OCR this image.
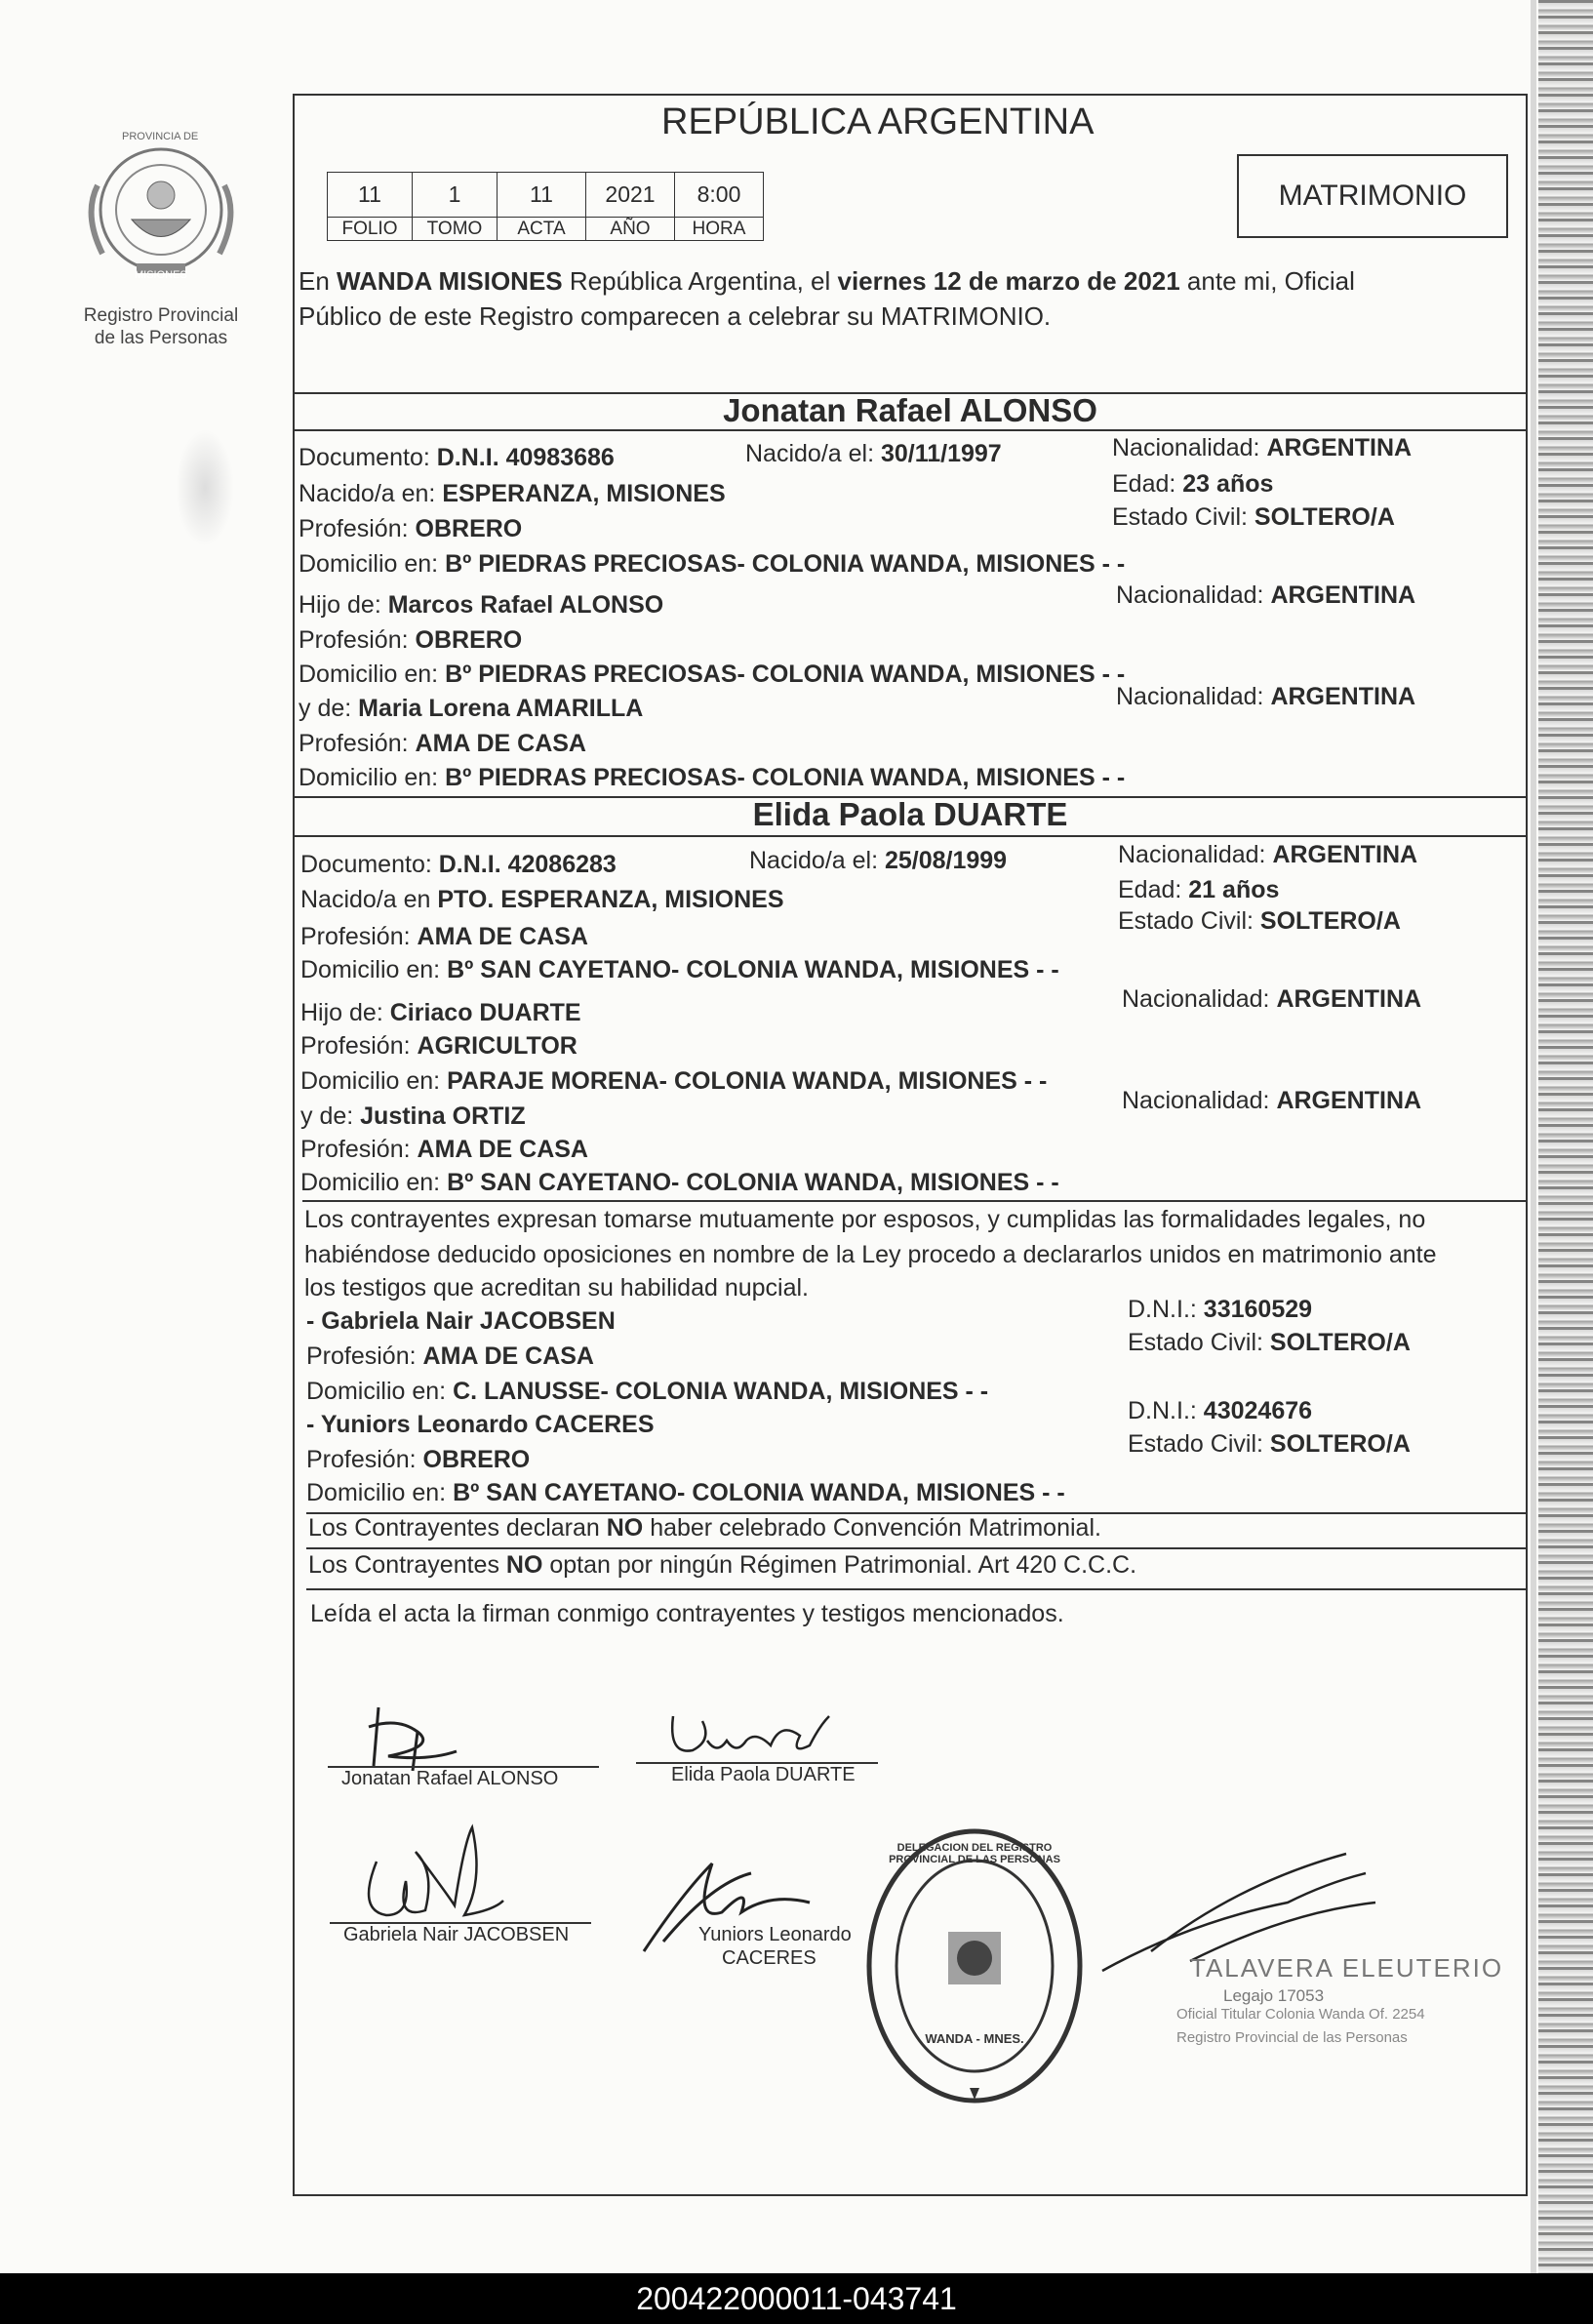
PROVINCIA DE
MISIONES
Registro Provincial
de las Personas
REPÚBLICA ARGENTINA
11	1	11	2021	8:00
FOLIO	TOMO	ACTA	AÑO	HORA
MATRIMONIO
En WANDA MISIONES República Argentina, el viernes 12 de marzo de 2021 ante mi, Oficial
Público de este Registro comparecen a celebrar su MATRIMONIO.
Jonatan Rafael ALONSO
Documento: D.N.I. 40983686	Nacido/a el: 30/11/1997	Nacionalidad: ARGENTINA
Nacido/a en: ESPERANZA, MISIONES	Edad: 23 años
Profesión: OBRERO	Estado Civil: SOLTERO/A
Domicilio en: Bº PIEDRAS PRECIOSAS- COLONIA WANDA, MISIONES - -
Hijo de: Marcos Rafael ALONSO	Nacionalidad: ARGENTINA
Profesión: OBRERO
Domicilio en: Bº PIEDRAS PRECIOSAS- COLONIA WANDA, MISIONES - -
y de: Maria Lorena AMARILLA	Nacionalidad: ARGENTINA
Profesión: AMA DE CASA
Domicilio en: Bº PIEDRAS PRECIOSAS- COLONIA WANDA, MISIONES - -
Elida Paola DUARTE
Documento: D.N.I. 42086283	Nacido/a el: 25/08/1999	Nacionalidad: ARGENTINA
Nacido/a en PTO. ESPERANZA, MISIONES	Edad: 21 años
Profesión: AMA DE CASA
Estado Civil: SOLTERO/A
Domicilio en: Bº SAN CAYETANO- COLONIA WANDA, MISIONES - -
Hijo de: Ciriaco DUARTE	Nacionalidad: ARGENTINA
Profesión: AGRICULTOR
Domicilio en: PARAJE MORENA- COLONIA WANDA, MISIONES - -
y de: Justina ORTIZ
Nacionalidad: ARGENTINA
Profesión: AMA DE CASA
Domicilio en: Bº SAN CAYETANO- COLONIA WANDA, MISIONES - -
Los contrayentes expresan tomarse mutuamente por esposos, y cumplidas las formalidades legales, no
habiéndose deducido oposiciones en nombre de la Ley procedo a declararlos unidos en matrimonio ante
los testigos que acreditan su habilidad nupcial.
- Gabriela Nair JACOBSEN	D.N.I.: 33160529
Profesión: AMA DE CASA	Estado Civil: SOLTERO/A
Domicilio en: C. LANUSSE- COLONIA WANDA, MISIONES - -
- Yuniors Leonardo CACERES	D.N.I.: 43024676
Profesión: OBRERO
Estado Civil: SOLTERO/A
Domicilio en: Bº SAN CAYETANO- COLONIA WANDA, MISIONES - -
Los Contrayentes declaran NO haber celebrado Convención Matrimonial.
Los Contrayentes NO optan por ningún Régimen Patrimonial. Art 420 C.C.C.
Leída el acta la firman conmigo contrayentes y testigos mencionados.
Jonatan Rafael ALONSO	Elida Paola DUARTE
Gabriela Nair JACOBSEN	Yuniors Leonardo
CACERES
DELEGACION DEL REGISTRO PROVINCIAL DE LAS PERSONAS
WANDA - MNES.
TALAVERA ELEUTERIO
Legajo 17053
Oficial Titular Colonia Wanda Of. 2254
Registro Provincial de las Personas
200422000011-043741
